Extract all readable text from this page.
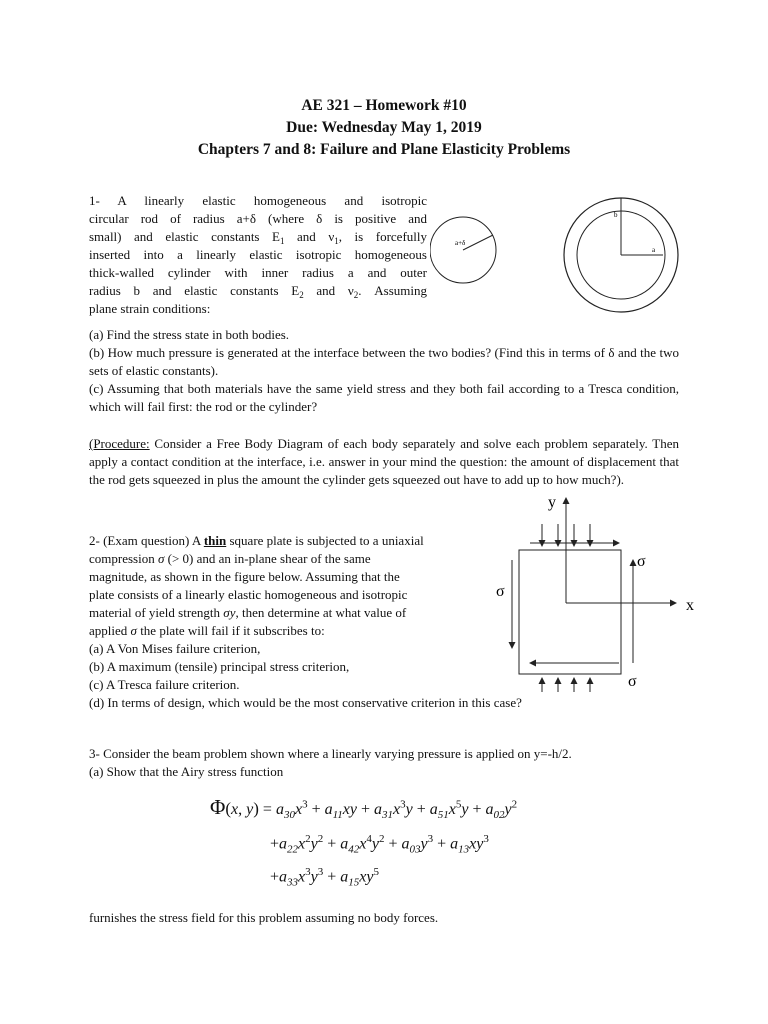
AE 321 – Homework #10
Due: Wednesday May 1, 2019
Chapters 7 and 8: Failure and Plane Elasticity Problems
1- A linearly elastic homogeneous and isotropic
circular rod of radius a+δ (where δ is positive and
small) and elastic constants $E_1$ and $\nu_1$, is forcefully
inserted into a linearly elastic isotropic homogeneous
thick-walled cylinder with inner radius a and outer
radius b and elastic constants $E_2$ and $\nu_2$. Assuming
plane strain conditions:
a+δ
b
a
(a) Find the stress state in both bodies.
(b) How much pressure is generated at the interface between the two bodies? (Find this in terms of δ and the two sets of elastic constants).
(c) Assuming that both materials have the same yield stress and they both fail according to a Tresca condition, which will fail first: the rod or the cylinder?
(Procedure: Consider a Free Body Diagram of each body separately and solve each problem separately. Then apply a contact condition at the interface, i.e. answer in your mind the question: the amount of displacement that the rod gets squeezed in plus the amount the cylinder gets squeezed out have to add up to how much?).
2- (Exam question) A thin square plate is subjected to a uniaxial
compression σ (> 0) and an in-plane shear of the same
magnitude, as shown in the figure below. Assuming that the
plate consists of a linearly elastic homogeneous and isotropic
material of yield strength σy, then determine at what value of
applied σ the plate will fail if it subscribes to:
(a) A Von Mises failure criterion,
(b) A maximum (tensile) principal stress criterion,
(c) A Tresca failure criterion.
(d) In terms of design, which would be the most conservative criterion in this case?
y
x
σ
σ
σ
3- Consider the beam problem shown where a linearly varying pressure is applied on y=-h/2.
(a) Show that the Airy stress function
Φ(x, $y) = a_{30}x^3 + a_{11}xy + a_{31}x^3y + a_{51}x^5y + a_{02}y^2$
$+a_{22}x^2y^2 + a_{42}x^4y^2 + a_{03}y^3 + a_{13}xy^3$
$+a_{33}x^3y^3 + a_{15}xy^5$
furnishes the stress field for this problem assuming no body forces.
